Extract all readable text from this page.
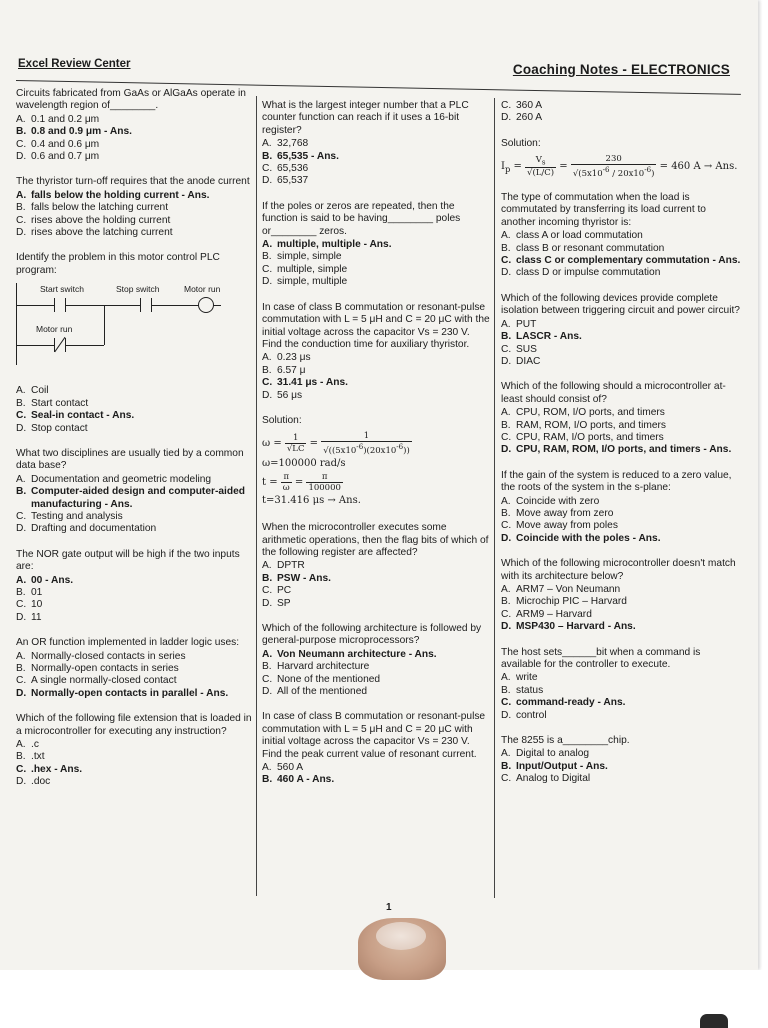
Excel Review Center	Coaching Notes - ELECTRONICS
Circuits fabricated from GaAs or AlGaAs operate in wavelength region of________.
A. 0.1 and 0.2 μm
B. 0.8 and 0.9 μm - Ans.
C. 0.4 and 0.6 μm
D. 0.6 and 0.7 μm
The thyristor turn-off requires that the anode current
A. falls below the holding current - Ans.
B. falls below the latching current
C. rises above the holding current
D. rises above the latching current
Identify the problem in this motor control PLC program:
Start switch	Stop switch	Motor run
Motor run
A. Coil
B. Start contact
C. Seal-in contact - Ans.
D. Stop contact
What two disciplines are usually tied by a common data base?
A. Documentation and geometric modeling
B. Computer-aided design and computer-aided manufacturing - Ans.
C. Testing and analysis
D. Drafting and documentation
The NOR gate output will be high if the two inputs are:
A. 00 - Ans.
B. 01
C. 10
D. 11
An OR function implemented in ladder logic uses:
A. Normally-closed contacts in series
B. Normally-open contacts in series
C. A single normally-closed contact
D. Normally-open contacts in parallel - Ans.
Which of the following file extension that is loaded in a microcontroller for executing any instruction?
A. .c
B. .txt
C. .hex - Ans.
D. .doc
What is the largest integer number that a PLC counter function can reach if it uses a 16-bit register?
A. 32,768
B. 65,535 - Ans.
C. 65,536
D. 65,537
If the poles or zeros are repeated, then the function is said to be having________ poles or________ zeros.
A. multiple, multiple - Ans.
B. simple, simple
C. multiple, simple
D. simple, multiple
In case of class B commutation or resonant-pulse commutation with L = 5 μH and C = 20 μC with the initial voltage across the capacitor Vs = 230 V. Find the conduction time for auxiliary thyristor.
A. 0.23 μs
B. 6.57 μ
C. 31.41 μs - Ans.
D. 56 μs
Solution:
$\omega = \frac{1}{√LC} = \frac{1}{√((5x10^{-6})(20x10^{-6}))}$
ω=100000 rad/s
$t = \frac{\pi}{\omega} = \frac{\pi}{100000}$
t=31.416 μs → Ans.
When the microcontroller executes some arithmetic operations, then the flag bits of which of the following register are affected?
A. DPTR
B. PSW - Ans.
C. PC
D. SP
Which of the following architecture is followed by general-purpose microprocessors?
A. Von Neumann architecture - Ans.
B. Harvard architecture
C. None of the mentioned
D. All of the mentioned
In case of class B commutation or resonant-pulse commutation with L = 5 μH and C = 20 μC with initial voltage across the capacitor Vs = 230 V. Find the peak current value of resonant current.
A. 560 A
B. 460 A - Ans.
C. 360 A
D. 260 A
Solution:
$I_p = \frac{V_s}{√(L/C)} = \frac{230}{√(5x10^{-6} / 20x10^{-6})} = 460$ A → Ans.
The type of commutation when the load is commutated by transferring its load current to another incoming thyristor is:
A. class A or load commutation
B. class B or resonant commutation
C. class C or complementary commutation - Ans.
D. class D or impulse commutation
Which of the following devices provide complete isolation between triggering circuit and power circuit?
A. PUT
B. LASCR - Ans.
C. SUS
D. DIAC
Which of the following should a microcontroller at-least should consist of?
A. CPU, ROM, I/O ports, and timers
B. RAM, ROM, I/O ports, and timers
C. CPU, RAM, I/O ports, and timers
D. CPU, RAM, ROM, I/O ports, and timers - Ans.
If the gain of the system is reduced to a zero value, the roots of the system in the s-plane:
A. Coincide with zero
B. Move away from zero
C. Move away from poles
D. Coincide with the poles - Ans.
Which of the following microcontroller doesn't match with its architecture below?
A. ARM7 – Von Neumann
B. Microchip PIC – Harvard
C. ARM9 – Harvard
D. MSP430 – Harvard - Ans.
The host sets______bit when a command is available for the controller to execute.
A. write
B. status
C. command-ready - Ans.
D. control
The 8255 is a________chip.
A. Digital to analog
B. Input/Output - Ans.
C. Analog to Digital
1
